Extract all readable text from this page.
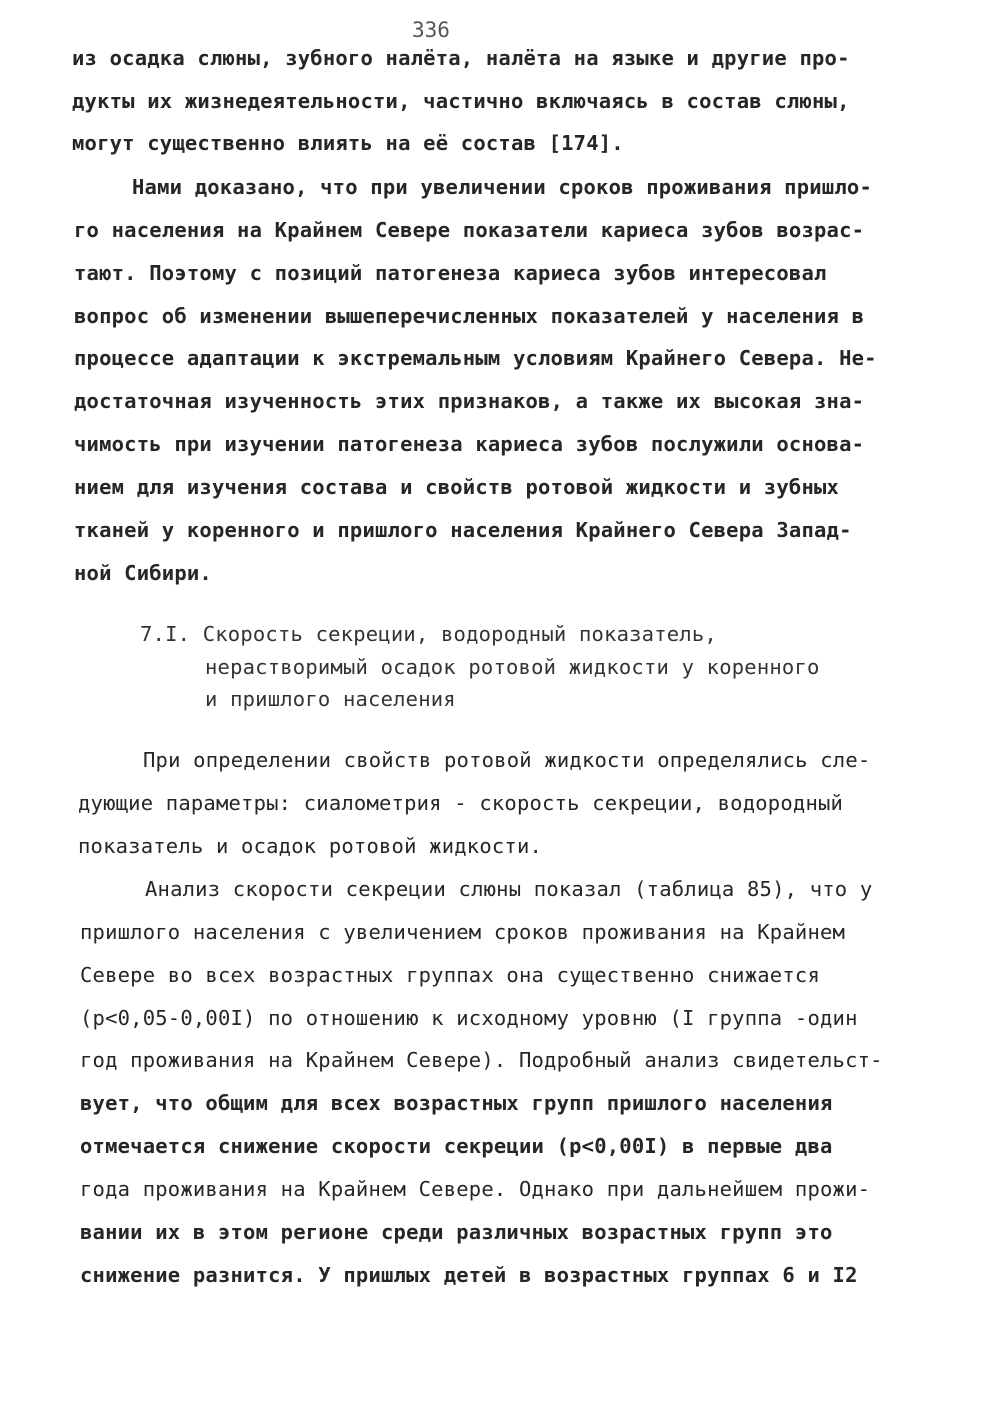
336
из осадка слюны, зубного налёта, налёта на языке и другие про-
дукты их жизнедеятельности, частично включаясь в состав слюны,
могут существенно влиять на её состав [174].
Нами доказано, что при увеличении сроков проживания пришло-
го населения на Крайнем Севере показатели кариеса зубов возрас-
тают. Поэтому с позиций патогенеза кариеса зубов интересовал
вопрос об изменении вышеперечисленных показателей у населения в
процессе адаптации к экстремальным условиям Крайнего Севера. Не-
достаточная изученность этих признаков, а также их высокая зна-
чимость при изучении патогенеза кариеса зубов послужили основа-
нием для изучения состава и свойств ротовой жидкости и зубных
тканей у коренного и пришлого населения Крайнего Севера Запад-
ной Сибири.
7.I. Скорость секреции, водородный показатель,
нерастворимый осадок ротовой жидкости у коренного
и пришлого населения
При определении свойств ротовой жидкости определялись сле-
дующие параметры: сиалометрия - скорость секреции, водородный
показатель и осадок ротовой жидкости.
Анализ скорости секреции слюны показал (таблица 85), что у
пришлого населения с увеличением сроков проживания на Крайнем
Севере во всех возрастных группах она существенно снижается
(p<0,05-0,00I) по отношению к исходному уровню (I группа -один
год проживания на Крайнем Севере). Подробный анализ свидетельст-
вует, что общим для всех возрастных групп пришлого населения
отмечается снижение скорости секреции (p<0,00I) в первые два
года проживания на Крайнем Севере. Однако при дальнейшем прожи-
вании их в этом регионе среди различных возрастных групп это
снижение разнится. У пришлых детей в возрастных группах 6 и I2
